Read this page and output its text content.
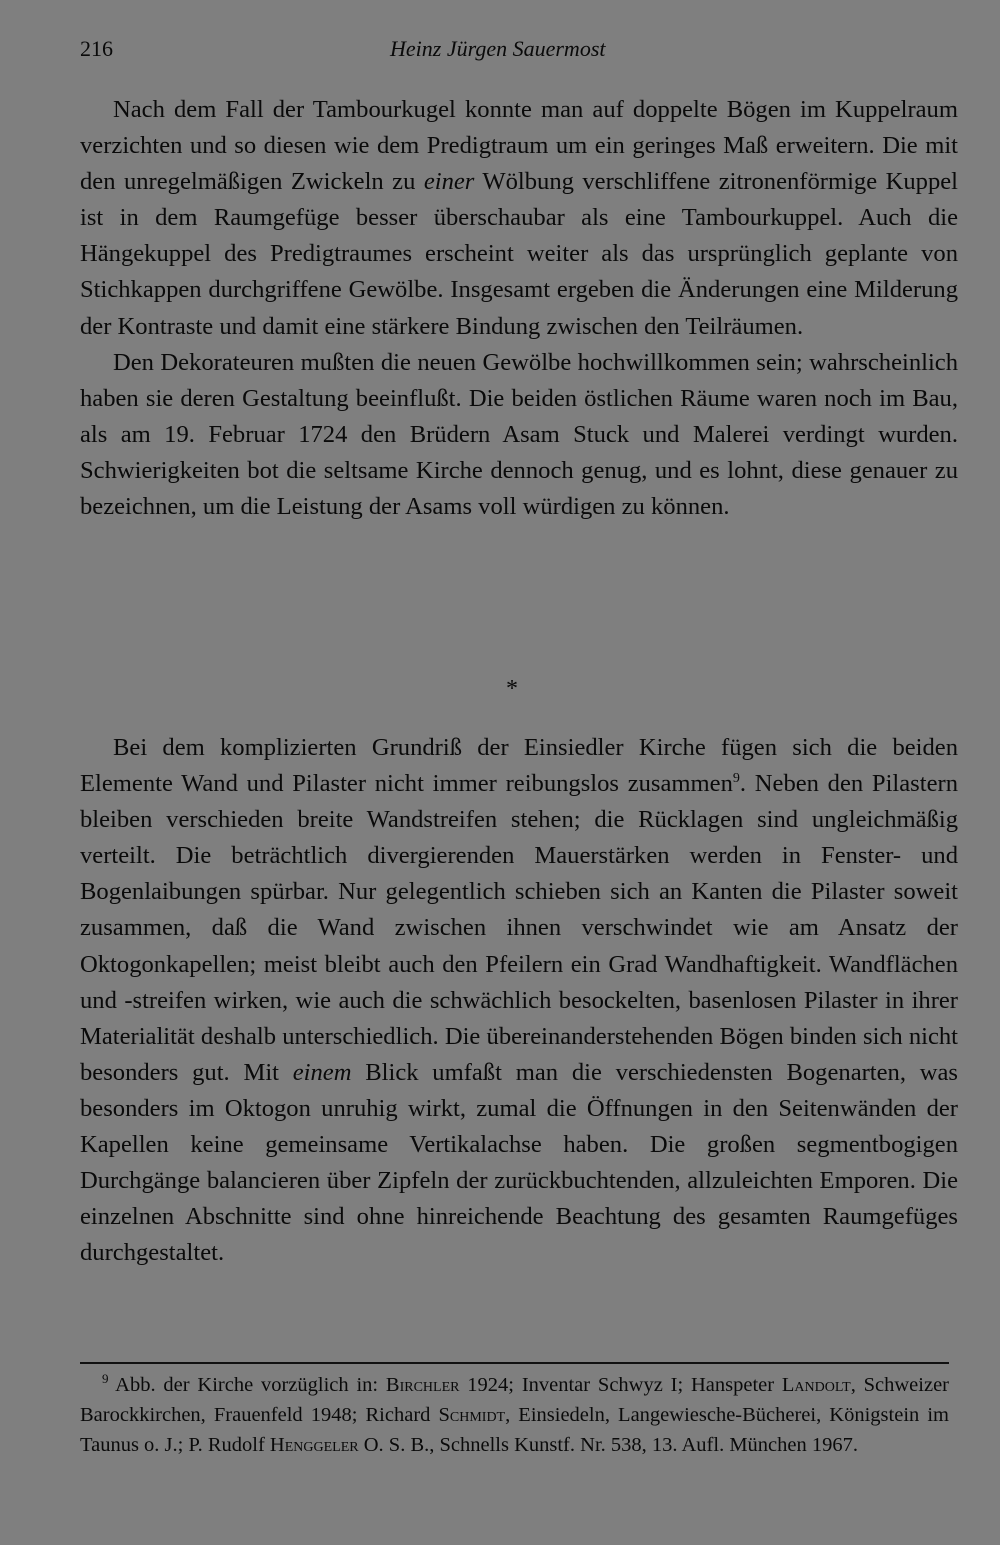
216	Heinz Jürgen Sauermost

Nach dem Fall der Tambourkugel konnte man auf doppelte Bögen im Kuppelraum verzichten und so diesen wie dem Predigtraum um ein geringes Maß erweitern. Die mit den unregelmäßigen Zwickeln zu einer Wölbung verschliffene zitronenförmige Kuppel ist in dem Raumgefüge besser überschaubar als eine Tambourkuppel. Auch die Hängekuppel des Predigtraumes erscheint weiter als das ursprünglich geplante von Stichkappen durchgriffene Gewölbe. Insgesamt ergeben die Änderungen eine Milderung der Kontraste und damit eine stärkere Bindung zwischen den Teilräumen.

Den Dekorateuren mußten die neuen Gewölbe hochwillkommen sein; wahrscheinlich haben sie deren Gestaltung beeinflußt. Die beiden östlichen Räume waren noch im Bau, als am 19. Februar 1724 den Brüdern Asam Stuck und Malerei verdingt wurden. Schwierigkeiten bot die seltsame Kirche dennoch genug, und es lohnt, diese genauer zu bezeichnen, um die Leistung der Asams voll würdigen zu können.

*

Bei dem komplizierten Grundriß der Einsiedler Kirche fügen sich die beiden Elemente Wand und Pilaster nicht immer reibungslos zusammen$^9$. Neben den Pilastern bleiben verschieden breite Wandstreifen stehen; die Rücklagen sind ungleichmäßig verteilt. Die beträchtlich divergierenden Mauerstärken werden in Fenster- und Bogenlaibungen spürbar. Nur gelegentlich schieben sich an Kanten die Pilaster soweit zusammen, daß die Wand zwischen ihnen verschwindet wie am Ansatz der Oktogonkapellen; meist bleibt auch den Pfeilern ein Grad Wandhaftigkeit. Wandflächen und -streifen wirken, wie auch die schwächlich besockelten, basenlosen Pilaster in ihrer Materialität deshalb unterschiedlich. Die übereinanderstehenden Bögen binden sich nicht besonders gut. Mit einem Blick umfaßt man die verschiedensten Bogenarten, was besonders im Oktogon unruhig wirkt, zumal die Öffnungen in den Seitenwänden der Kapellen keine gemeinsame Vertikalachse haben. Die großen segmentbogigen Durchgänge balancieren über Zipfeln der zurückbuchtenden, allzuleichten Emporen. Die einzelnen Abschnitte sind ohne hinreichende Beachtung des gesamten Raumgefüges durchgestaltet.

$^9$ Abb. der Kirche vorzüglich in: Birchler 1924; Inventar Schwyz I; Hanspeter Landolt, Schweizer Barockkirchen, Frauenfeld 1948; Richard Schmidt, Einsiedeln, Langewiesche-Bücherei, Königstein im Taunus o. J.; P. Rudolf Henggeler O. S. B., Schnells Kunstf. Nr. 538, 13. Aufl. München 1967.
